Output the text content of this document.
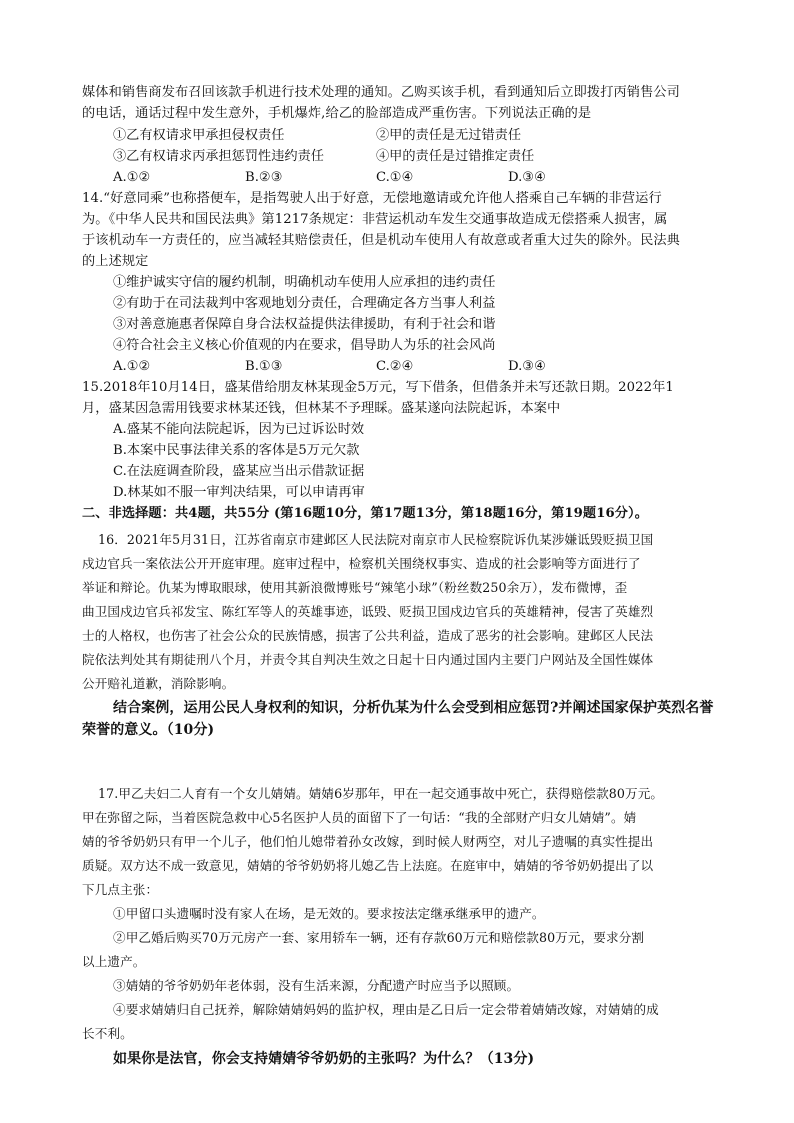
媒体和销售商发布召回该款手机进行技术处理的通知。乙购买该手机，看到通知后立即拨打丙销售公司
的电话，通话过程中发生意外，手机爆炸,给乙的脸部造成严重伤害。下列说法正确的是
①乙有权请求甲承担侵权责任	②甲的责任是无过错责任
③乙有权请求丙承担惩罚性违约责任	④甲的责任是过错推定责任
A.①②	B.②③	C.①④	D.③④
14.“好意同乘”也称搭便车，是指驾驶人出于好意，无偿地邀请或允许他人搭乘自己车辆的非营运行
为。《中华人民共和国民法典》第1217条规定：非营运机动车发生交通事故造成无偿搭乘人损害，属
于该机动车一方责任的，应当减轻其赔偿责任，但是机动车使用人有故意或者重大过失的除外。民法典
的上述规定
①维护诚实守信的履约机制，明确机动车使用人应承担的违约责任
②有助于在司法裁判中客观地划分责任，合理确定各方当事人利益
③对善意施惠者保障自身合法权益提供法律援助，有利于社会和谐
④符合社会主义核心价值观的内在要求，倡导助人为乐的社会风尚
A.①②	B.①③	C.②④	D.③④
15.2018年10月14日，盛某借给朋友林某现金5万元，写下借条，但借条并未写还款日期。2022年1
月，盛某因急需用钱要求林某还钱，但林某不予理睬。盛某遂向法院起诉，本案中
A.盛某不能向法院起诉，因为已过诉讼时效
B.本案中民事法律关系的客体是5万元欠款
C.在法庭调查阶段，盛某应当出示借款证据
D.林某如不服一审判决结果，可以申请再审
二、非选择题：共4题，共55分 (第16题10分，第17题13分，第18题16分，第19题16分）。
16．2021年5月31日，江苏省南京市建邺区人民法院对南京市人民检察院诉仇某涉嫌诋毁贬损卫国
戍边官兵一案依法公开开庭审理。庭审过程中，检察机关围绕权事实、造成的社会影响等方面进行了
举证和辩论。仇某为博取眼球，使用其新浪微博账号“辣笔小球”（粉丝数250余万），发布微博，歪
曲卫国戍边官兵祁发宝、陈红军等人的英雄事迹，诋毁、贬损卫国戍边官兵的英雄精神，侵害了英雄烈
士的人格权，也伤害了社会公众的民族情感，损害了公共利益，造成了恶劣的社会影响。建邺区人民法
院依法判处其有期徒刑八个月，并责令其自判决生效之日起十日内通过国内主要门户网站及全国性媒体
公开赔礼道歉，消除影响。
结合案例，运用公民人身权利的知识，分析仇某为什么会受到相应惩罚?并阐述国家保护英烈名誉
荣誉的意义。（10分)
17.甲乙夫妇二人育有一个女儿婧婧。婧婧6岁那年，甲在一起交通事故中死亡，获得赔偿款80万元。
甲在弥留之际，当着医院急救中心5名医护人员的面留下了一句话：“我的全部财产归女儿婧婧”。婧
婧的爷爷奶奶只有甲一个儿子，他们怕儿媳带着孙女改嫁，到时候人财两空，对儿子遗嘱的真实性提出
质疑。双方达不成一致意见，婧婧的爷爷奶奶将儿媳乙告上法庭。在庭审中，婧婧的爷爷奶奶提出了以
下几点主张：
①甲留口头遗嘱时没有家人在场，是无效的。要求按法定继承继承甲的遗产。
②甲乙婚后购买70万元房产一套、家用轿车一辆，还有存款60万元和赔偿款80万元，要求分割
以上遗产。
③婧婧的爷爷奶奶年老体弱，没有生活来源，分配遗产时应当予以照顾。
④要求婧婧归自己抚养，解除婧婧妈妈的监护权，理由是乙日后一定会带着婧婧改嫁，对婧婧的成
长不利。
如果你是法官，你会支持婧婧爷爷奶奶的主张吗？为什么？（13分)
